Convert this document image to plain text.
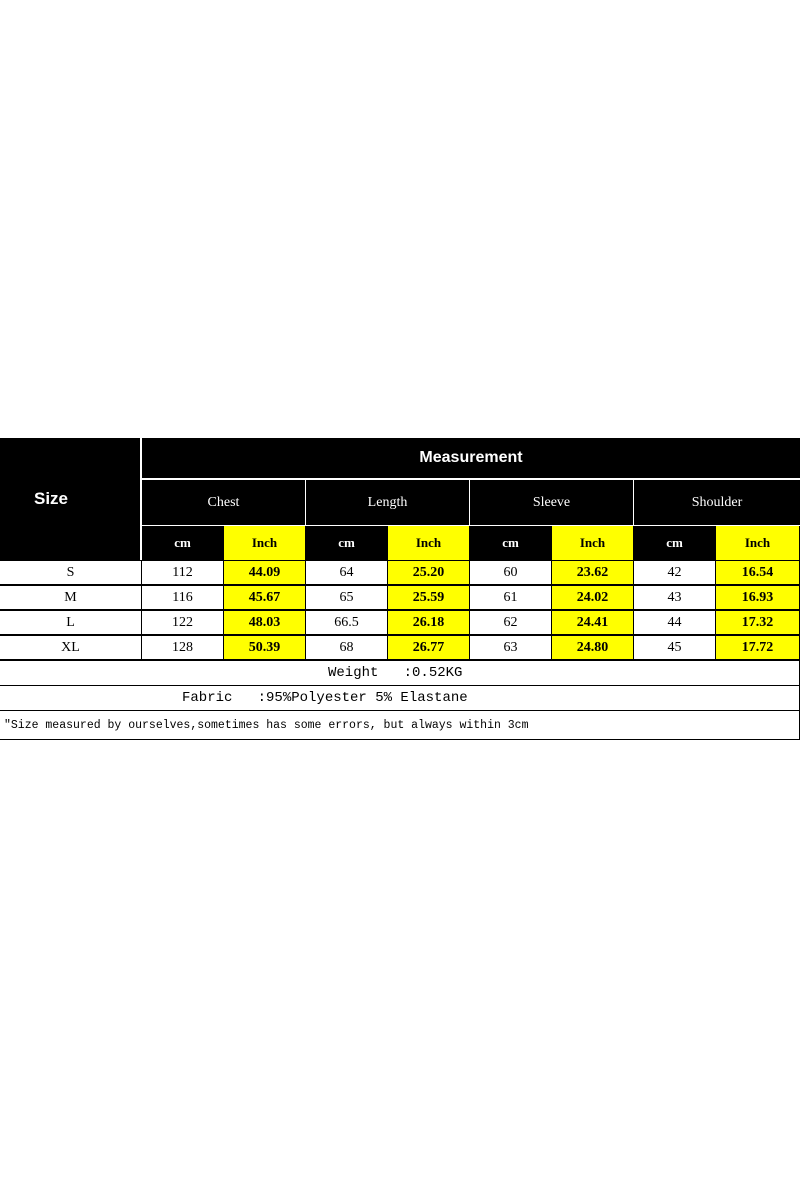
Size
Measurement
Chest	Length	Sleeve	Shoulder
cm	Inch	cm	Inch	cm	Inch	cm	Inch
S	112	44.09	64	25.20	60	23.62	42	16.54
M	116	45.67	65	25.59	61	24.02	43	16.93
L	122	48.03	66.5	26.18	62	24.41	44	17.32
XL	128	50.39	68	26.77	63	24.80	45	17.72
Weight   :0.52KG
Fabric   :95%Polyester 5% Elastane
"Size measured by ourselves,sometimes has some errors, but always within 3cm
